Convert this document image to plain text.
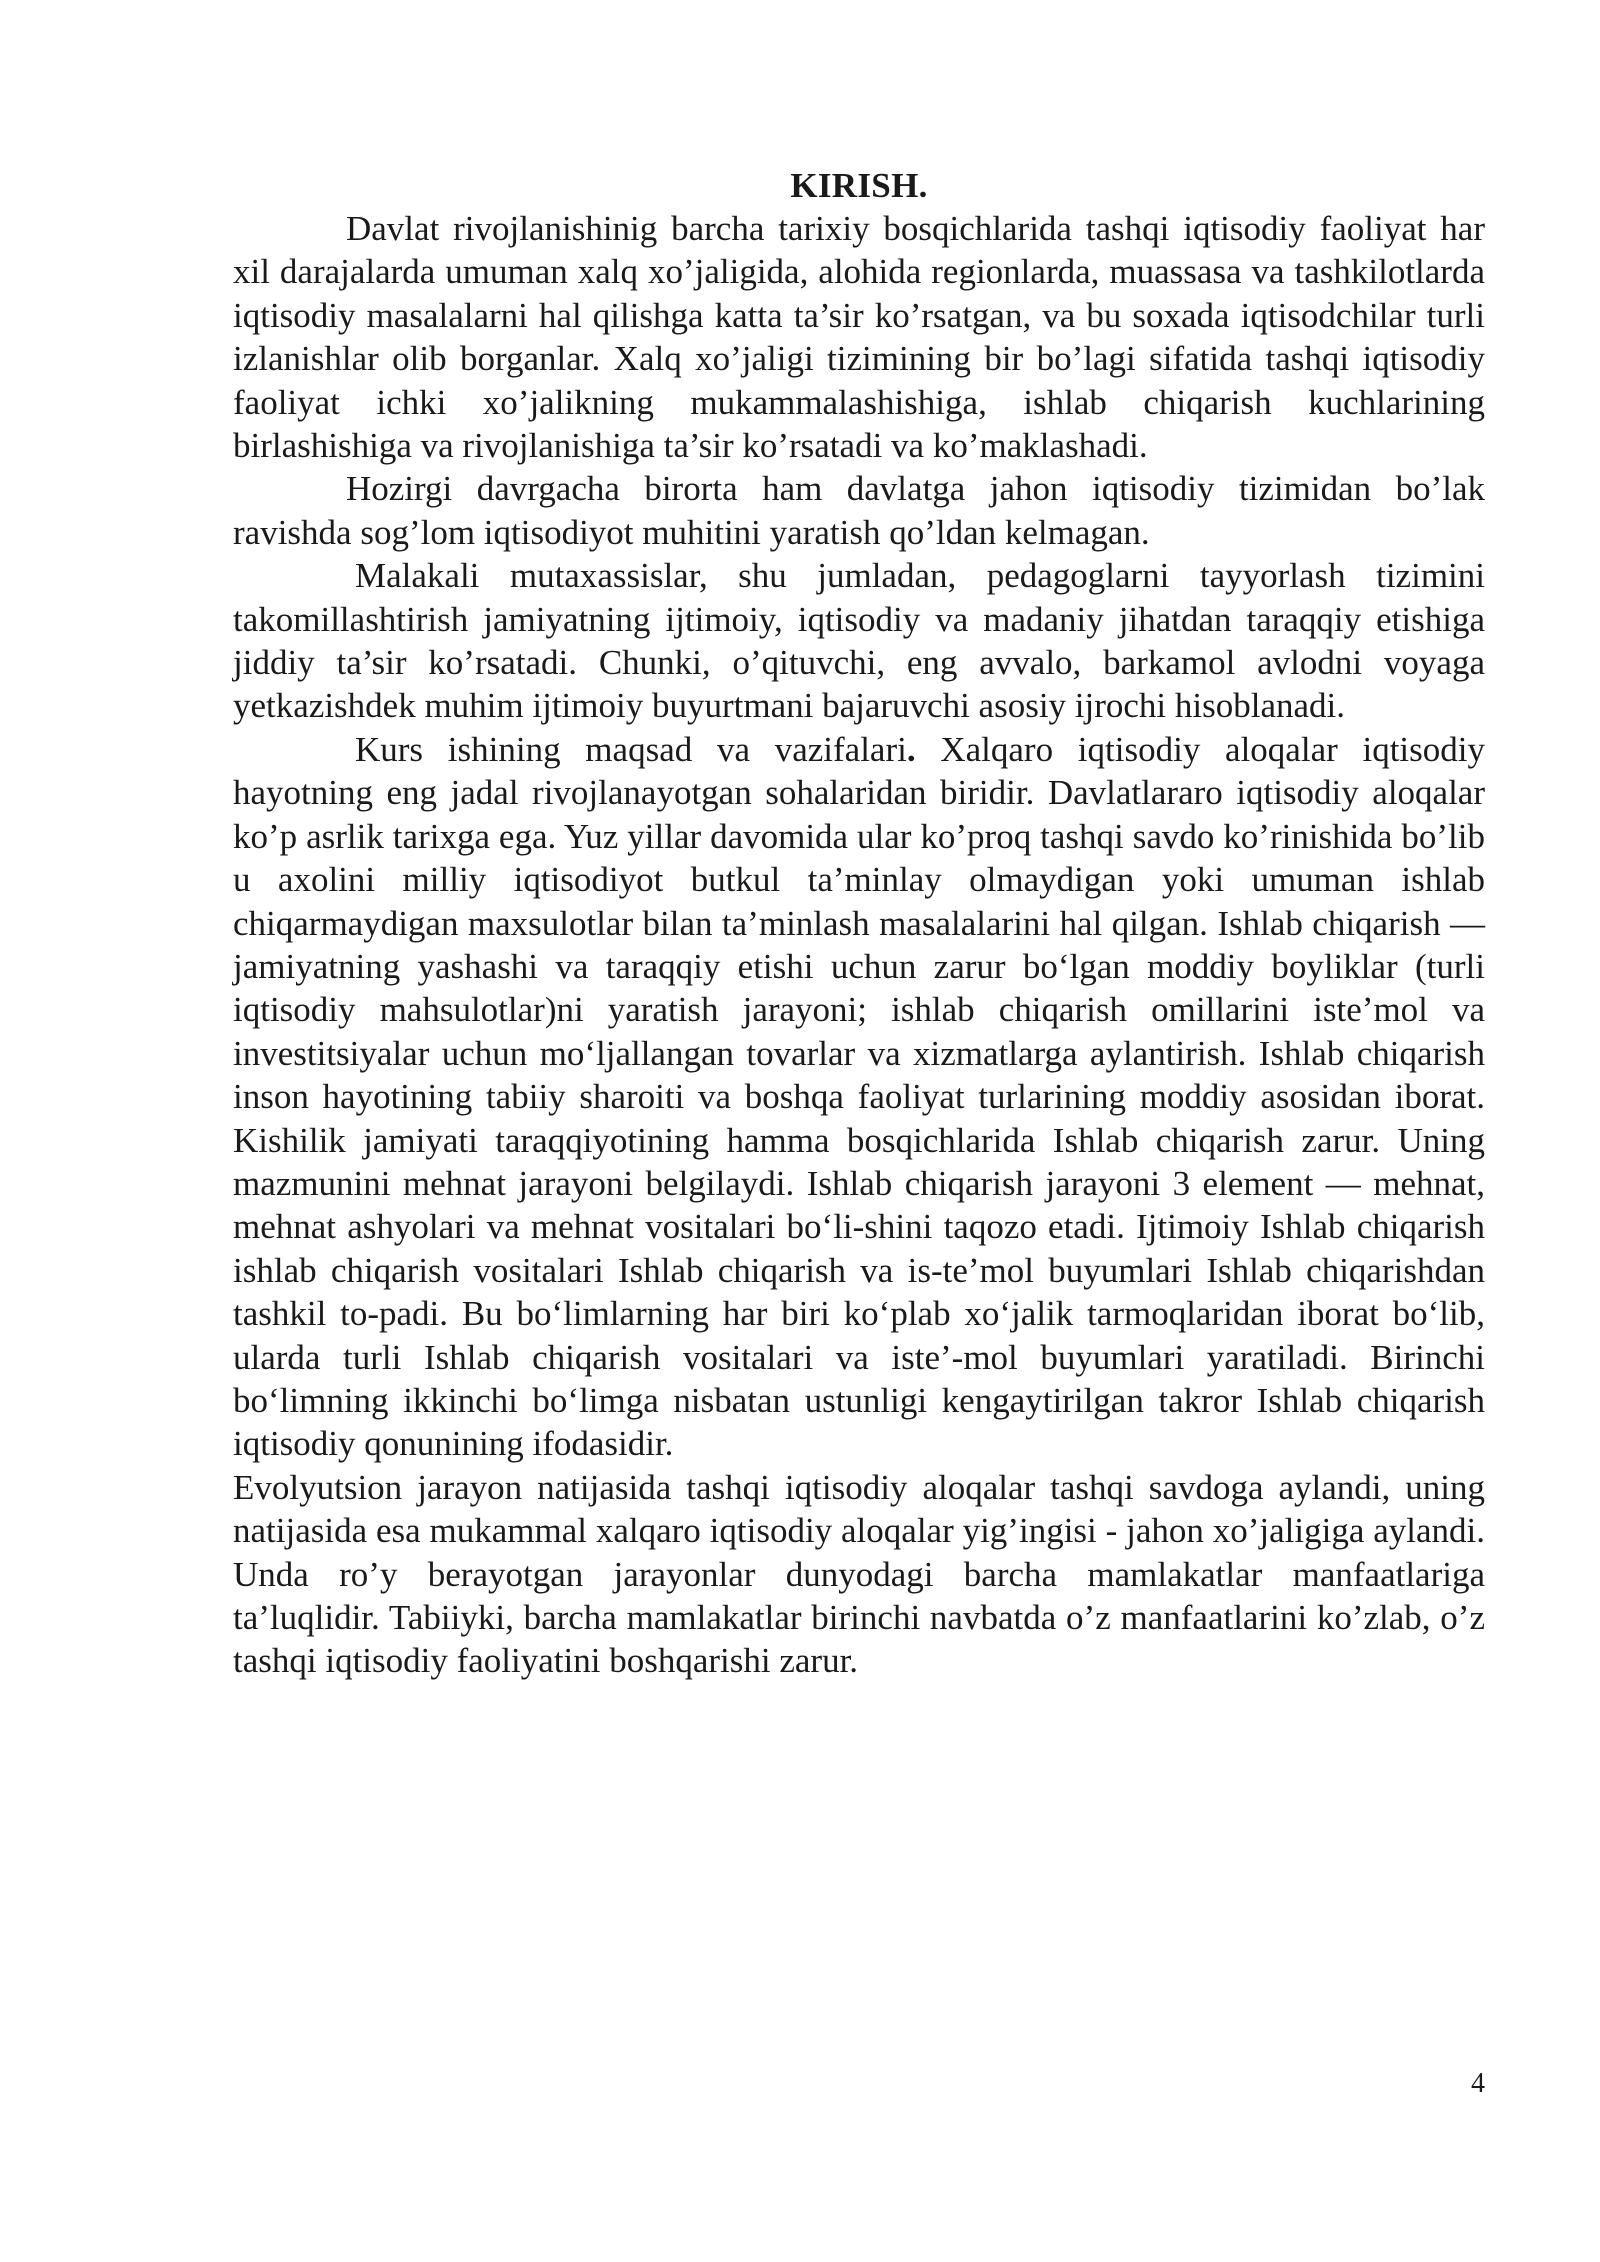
KIRISH.

Davlat rivojlanishinig barcha tarixiy bosqichlarida tashqi iqtisodiy faoliyat har xil darajalarda umuman xalq xo’jaligida, alohida regionlarda, muassasa va tashkilotlarda iqtisodiy masalalarni hal qilishga katta ta’sir ko’rsatgan, va bu soxada iqtisodchilar turli izlanishlar olib borganlar. Xalq xo’jaligi tizimining bir bo’lagi sifatida tashqi iqtisodiy faoliyat ichki xo’jalikning mukammalashishiga, ishlab chiqarish kuchlarining birlashishiga va rivojlanishiga ta’sir ko’rsatadi va ko’maklashadi.

Hozirgi davrgacha birorta ham davlatga jahon iqtisodiy tizimidan bo’lak ravishda sog’lom iqtisodiyot muhitini yaratish qo’ldan kelmagan.

Malakali mutaxassislar, shu jumladan, pedagoglarni tayyorlash tizimini takomillashtirish jamiyatning ijtimoiy, iqtisodiy va madaniy jihatdan taraqqiy etishiga jiddiy ta’sir ko’rsatadi. Chunki, o’qituvchi, eng avvalo, barkamol avlodni voyaga yetkazishdek muhim ijtimoiy buyurtmani bajaruvchi asosiy ijrochi hisoblanadi.

Kurs ishining maqsad va vazifalari. Xalqaro iqtisodiy aloqalar iqtisodiy hayotning eng jadal rivojlanayotgan sohalaridan biridir. Davlatlararo iqtisodiy aloqalar ko’p asrlik tarixga ega. Yuz yillar davomida ular ko’proq tashqi savdo ko’rinishida bo’lib u axolini milliy iqtisodiyot butkul ta’minlay olmaydigan yoki umuman ishlab chiqarmaydigan maxsulotlar bilan ta’minlash masalalarini hal qilgan. Ishlab chiqarish — jamiyatning yashashi va taraqqiy etishi uchun zarur boʻlgan moddiy boyliklar (turli iqtisodiy mahsulotlar)ni yaratish jarayoni; ishlab chiqarish omillarini isteʼmol va investitsiyalar uchun moʻljallangan tovarlar va xizmatlarga aylantirish. Ishlab chiqarish inson hayotining tabiiy sharoiti va boshqa faoliyat turlarining moddiy asosidan iborat. Kishilik jamiyati taraqqiyotining hamma bosqichlarida Ishlab chiqarish zarur. Uning mazmunini mehnat jarayoni belgilaydi. Ishlab chiqarish jarayoni 3 element — mehnat, mehnat ashyolari va mehnat vositalari boʻli-shini taqozo etadi. Ijtimoiy Ishlab chiqarish ishlab chiqarish vositalari Ishlab chiqarish va is-teʼmol buyumlari Ishlab chiqarishdan tashkil to-padi. Bu boʻlimlarning har biri koʻplab xoʻjalik tarmoqlaridan iborat boʻlib, ularda turli Ishlab chiqarish vositalari va iste’-mol buyumlari yaratiladi. Birinchi boʻlimning ikkinchi boʻlimga nisbatan ustunligi kengaytirilgan takror Ishlab chiqarish iqtisodiy qonunining ifodasidir.

Evolyutsion jarayon natijasida tashqi iqtisodiy aloqalar tashqi savdoga aylandi, uning natijasida esa mukammal xalqaro iqtisodiy aloqalar yig’ingisi - jahon xo’jaligiga aylandi. Unda ro’y berayotgan jarayonlar dunyodagi barcha mamlakatlar manfaatlariga ta’luqlidir. Tabiiyki, barcha mamlakatlar birinchi navbatda o’z manfaatlarini ko’zlab, o’z tashqi iqtisodiy faoliyatini boshqarishi zarur.

4
